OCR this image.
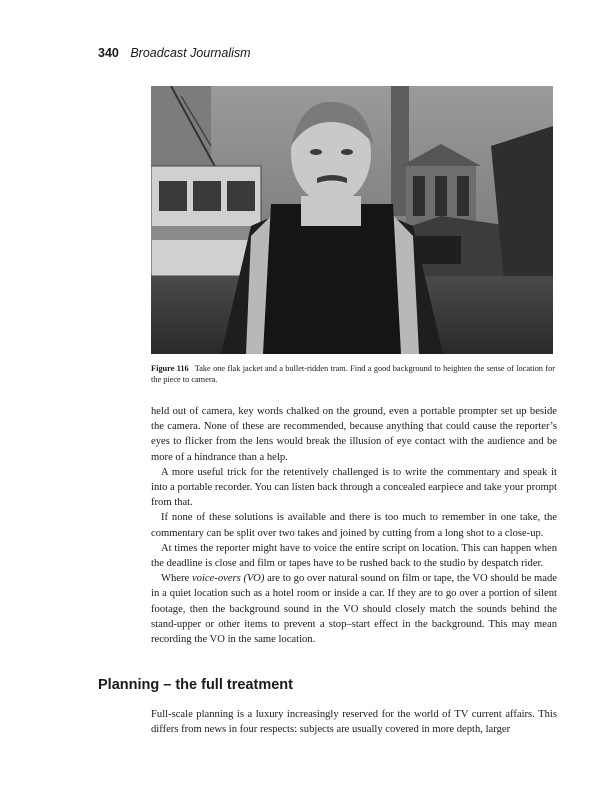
340 Broadcast Journalism
Figure 116 Take one flak jacket and a bullet-ridden tram. Find a good background to heighten the sense of location for the piece to camera.

held out of camera, key words chalked on the ground, even a portable prompter set up beside the camera. None of these are recommended, because anything that could cause the reporter’s eyes to flicker from the lens would break the illusion of eye contact with the audience and be more of a hindrance than a help.

A more useful trick for the retentively challenged is to write the commentary and speak it into a portable recorder. You can listen back through a concealed earpiece and take your prompt from that.

If none of these solutions is available and there is too much to remember in one take, the commentary can be split over two takes and joined by cutting from a long shot to a close-up.

At times the reporter might have to voice the entire script on location. This can happen when the deadline is close and film or tapes have to be rushed back to the studio by despatch rider.

Where voice-overs (VO) are to go over natural sound on film or tape, the VO should be made in a quiet location such as a hotel room or inside a car. If they are to go over a portion of silent footage, then the background sound in the VO should closely match the sounds behind the stand-upper or other items to prevent a stop–start effect in the background. This may mean recording the VO in the same location.

Planning – the full treatment

Full-scale planning is a luxury increasingly reserved for the world of TV current affairs. This differs from news in four respects: subjects are usually covered in more depth, larger
